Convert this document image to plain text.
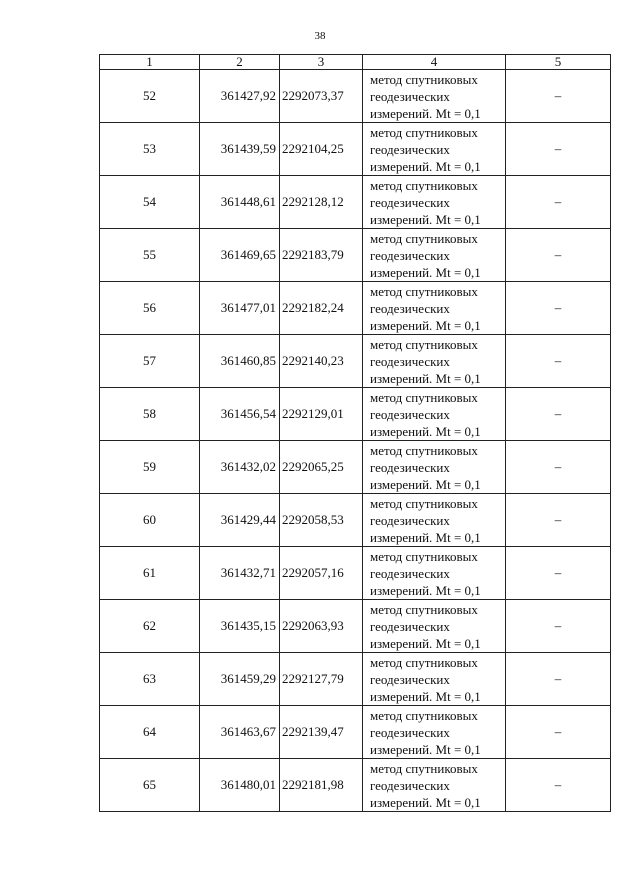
38
1	2	3	4	5
52	361427,92	2292073,37	метод спутниковых
геодезических
измерений. Mt = 0,1	–
53	361439,59	2292104,25	метод спутниковых
геодезических
измерений. Mt = 0,1	–
54	361448,61	2292128,12	метод спутниковых
геодезических
измерений. Mt = 0,1	–
55	361469,65	2292183,79	метод спутниковых
геодезических
измерений. Mt = 0,1	–
56	361477,01	2292182,24	метод спутниковых
геодезических
измерений. Mt = 0,1	–
57	361460,85	2292140,23	метод спутниковых
геодезических
измерений. Mt = 0,1	–
58	361456,54	2292129,01	метод спутниковых
геодезических
измерений. Mt = 0,1	–
59	361432,02	2292065,25	метод спутниковых
геодезических
измерений. Mt = 0,1	–
60	361429,44	2292058,53	метод спутниковых
геодезических
измерений. Mt = 0,1	–
61	361432,71	2292057,16	метод спутниковых
геодезических
измерений. Mt = 0,1	–
62	361435,15	2292063,93	метод спутниковых
геодезических
измерений. Mt = 0,1	–
63	361459,29	2292127,79	метод спутниковых
геодезических
измерений. Mt = 0,1	–
64	361463,67	2292139,47	метод спутниковых
геодезических
измерений. Mt = 0,1	–
65	361480,01	2292181,98	метод спутниковых
геодезических
измерений. Mt = 0,1	–
